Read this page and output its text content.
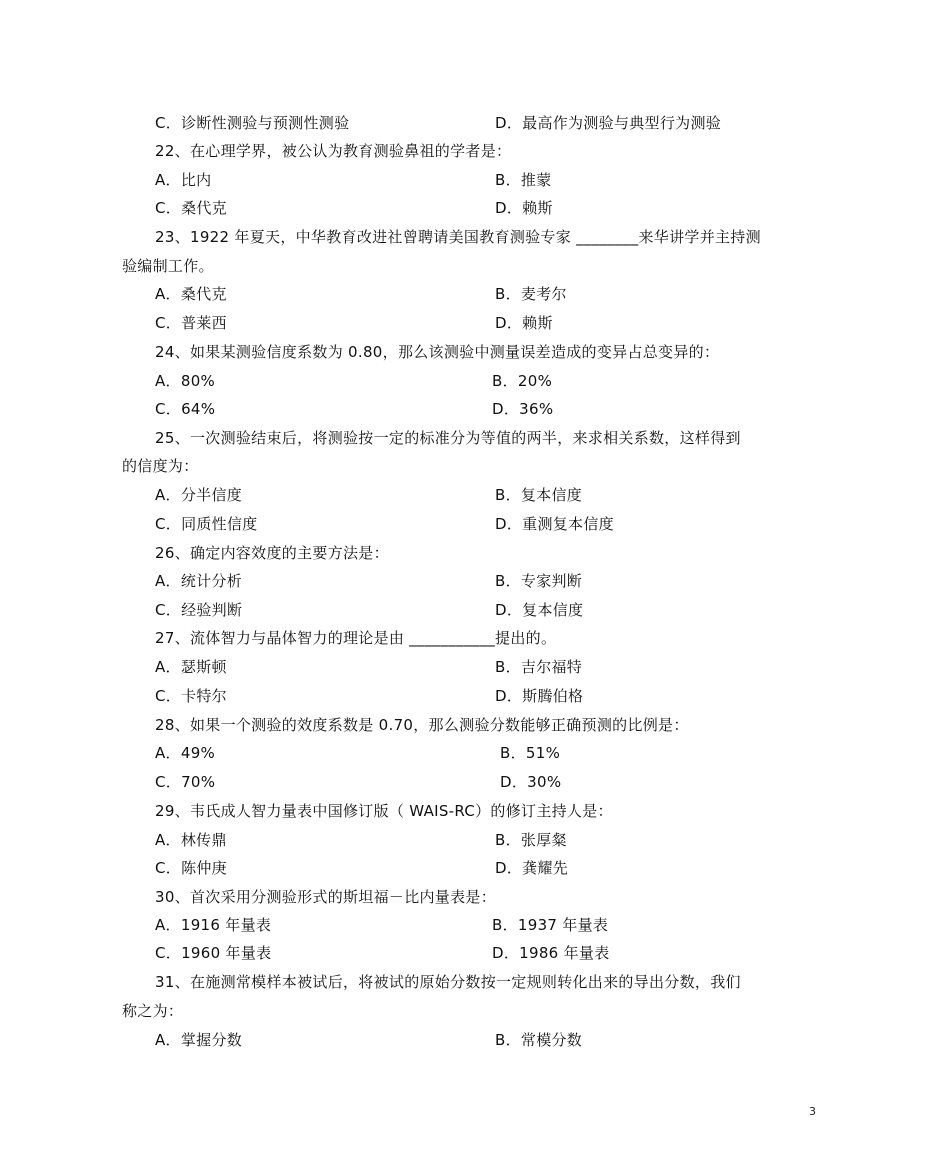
C．诊断性测验与预测性测验	D．最高作为测验与典型行为测验
22、在心理学界，被公认为教育测验鼻祖的学者是：
A．比内	B．推蒙
C．桑代克	D．赖斯
23、1922 年夏天，中华教育改进社曾聘请美国教育测验专家 ________来华讲学并主持测
验编制工作。
A．桑代克	B．麦考尔
C．普莱西	D．赖斯
24、如果某测验信度系数为 0.80，那么该测验中测量误差造成的变异占总变异的：
A．80%	B．20%
C．64%	D．36%
25、一次测验结束后，将测验按一定的标准分为等值的两半，来求相关系数，这样得到
的信度为：
A．分半信度	B．复本信度
C．同质性信度	D．重测复本信度
26、确定内容效度的主要方法是：
A．统计分析	B．专家判断
C．经验判断	D．复本信度
27、流体智力与晶体智力的理论是由 ___________提出的。
A．瑟斯顿	B．吉尔福特
C．卡特尔	D．斯腾伯格
28、如果一个测验的效度系数是 0.70，那么测验分数能够正确预测的比例是：
A．49%	B．51%
C．70%	D．30%
29、韦氏成人智力量表中国修订版（ WAIS-RC）的修订主持人是：
A．林传鼎	B．张厚粲
C．陈仲庚	D．龚耀先
30、首次采用分测验形式的斯坦福－比内量表是：
A．1916 年量表	B．1937 年量表
C．1960 年量表	D．1986 年量表
31、在施测常模样本被试后，将被试的原始分数按一定规则转化出来的导出分数，我们
称之为：
A．掌握分数	B．常模分数
3
